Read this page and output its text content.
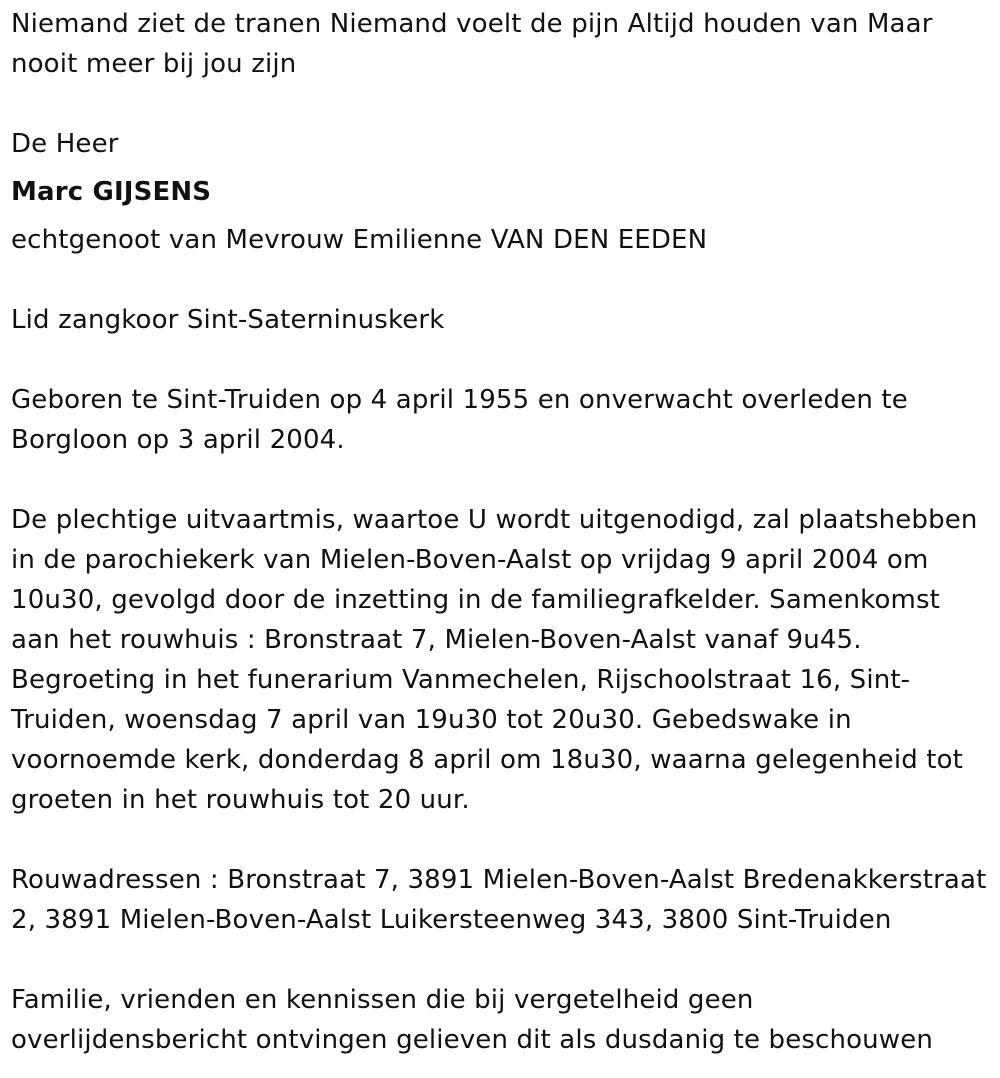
Niemand ziet de tranen Niemand voelt de pijn Altijd houden van Maar nooit meer bij jou zijn

De Heer

Marc GIJSENS

echtgenoot van Mevrouw Emilienne VAN DEN EEDEN

Lid zangkoor Sint-Saterninuskerk

Geboren te Sint-Truiden op 4 april 1955 en onverwacht overleden te Borgloon op 3 april 2004.

De plechtige uitvaartmis, waartoe U wordt uitgenodigd, zal plaatshebben in de parochiekerk van Mielen-Boven-Aalst op vrijdag 9 april 2004 om 10u30, gevolgd door de inzetting in de familiegrafkelder. Samenkomst aan het rouwhuis : Bronstraat 7, Mielen-Boven-Aalst vanaf 9u45. Begroeting in het funerarium Vanmechelen, Rijschoolstraat 16, Sint-Truiden, woensdag 7 april van 19u30 tot 20u30. Gebedswake in voornoemde kerk, donderdag 8 april om 18u30, waarna gelegenheid tot groeten in het rouwhuis tot 20 uur.

Rouwadressen : Bronstraat 7, 3891 Mielen-Boven-Aalst Bredenakkerstraat 2, 3891 Mielen-Boven-Aalst Luikersteenweg 343, 3800 Sint-Truiden

Familie, vrienden en kennissen die bij vergetelheid geen overlijdensbericht ontvingen gelieven dit als dusdanig te beschouwen
